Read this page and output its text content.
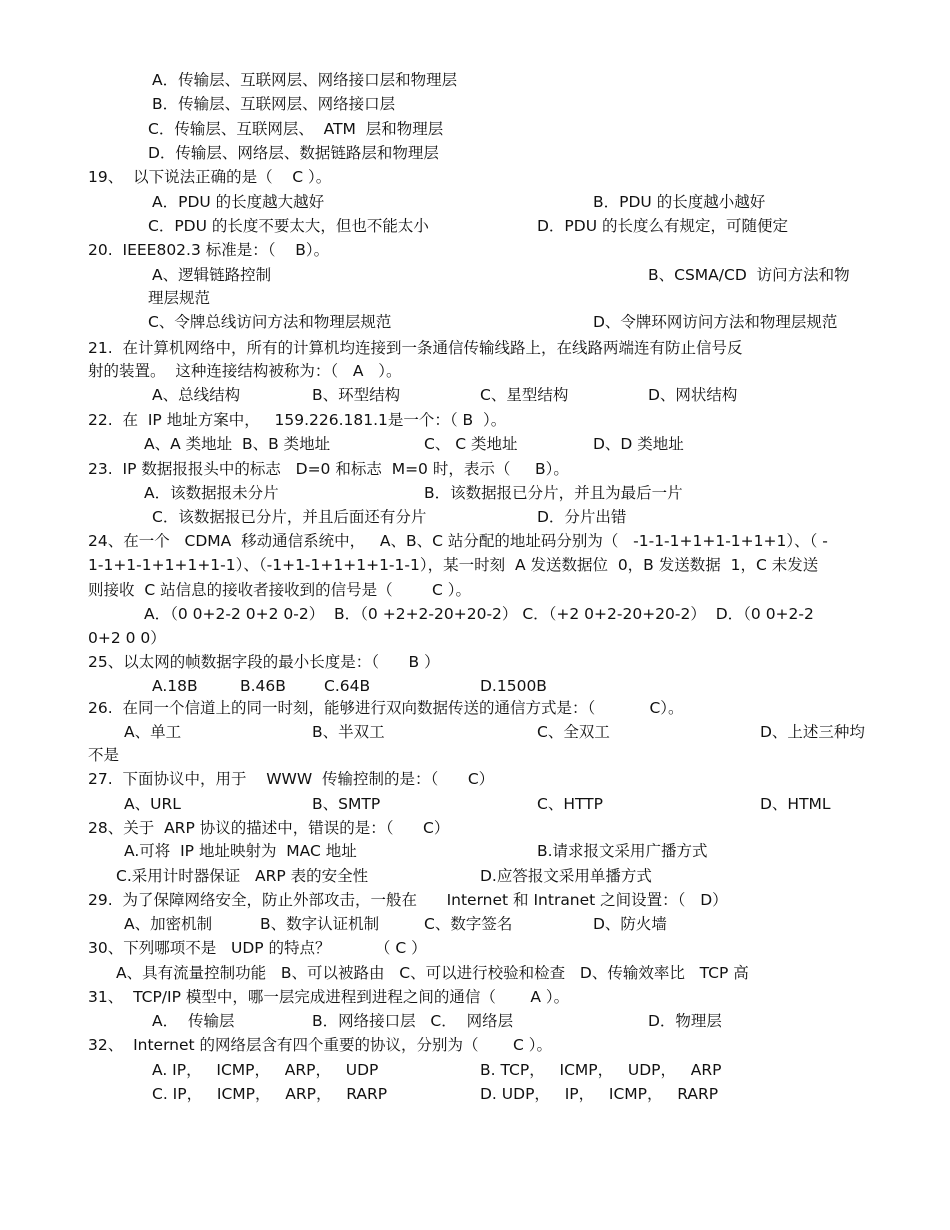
A．传输层、互联网层、网络接口层和物理层
B．传输层、互联网层、网络接口层
C．传输层、互联网层、  ATM  层和物理层
D．传输层、网络层、数据链路层和物理层
19、  以下说法正确的是（    C ）。
A．PDU 的长度越大越好	B．PDU 的长度越小越好
C．PDU 的长度不要太大，但也不能太小	D．PDU 的长度么有规定，可随便定
20.  IEEE802.3 标准是：（    B）。
A、逻辑链路控制	B、CSMA/CD  访问方法和物
理层规范
C、令牌总线访问方法和物理层规范	D、令牌环网访问方法和物理层规范
21.  在计算机网络中，所有的计算机均连接到一条通信传输线路上，在线路两端连有防止信号反
射的装置。  这种连接结构被称为：（   A   ）。
A、总线结构	B、环型结构	C、星型结构	D、网状结构
22.  在  IP 地址方案中，   159.226.181.1是一个：（ B  ）。
A、A 类地址  B、B 类地址	C、 C 类地址	D、D 类地址
23.  IP 数据报报头中的标志   D=0 和标志  M=0 时，表示（     B）。
A．该数据报未分片	B．该数据报已分片，并且为最后一片
C．该数据报已分片，并且后面还有分片	D．分片出错
24、在一个   CDMA  移动通信系统中，   A、B、C 站分配的地址码分别为（   -1-1-1+1+1-1+1+1）、（ -
1-1+1-1+1+1+1-1）、（-1+1-1+1+1+1-1-1），某一时刻  A 发送数据位  0，B 发送数据  1，C 未发送
则接收  C 站信息的接收者接收到的信号是（        C ）。
A．（0 0+2-2 0+2 0-2）  B．（0 +2+2-20+20-2） C．（+2 0+2-20+20-2）  D．（0 0+2-2
0+2 0 0）
25、以太网的帧数据字段的最小长度是：（      B ）
A.18B	B.46B C.64B	D.1500B
26.  在同一个信道上的同一时刻，能够进行双向数据传送的通信方式是：（           C）。
A、单工	B、半双工	C、全双工	D、上述三种均
不是
27.  下面协议中，用于    WWW  传输控制的是：（      C）
A、URL	B、SMTP	C、HTTP	D、HTML
28、关于  ARP 协议的描述中，错误的是：（      C）
A.可将  IP 地址映射为  MAC 地址	B.请求报文采用广播方式
C.采用计时器保证   ARP 表的安全性	D.应答报文采用单播方式
29.  为了保障网络安全，防止外部攻击，一般在      Internet 和 Intranet 之间设置：（   D）
A、加密机制	B、数字认证机制	C、数字签名	D、防火墙
30、下列哪项不是   UDP 的特点？         （ C ）
A、具有流量控制功能   B、可以被路由   C、可以进行校验和检查   D、传输效率比   TCP 高
31、  TCP/IP 模型中，哪一层完成进程到进程之间的通信（       A ）。
A．  传输层	B．网络接口层   C．  网络层	D．物理层
32、  Internet 的网络层含有四个重要的协议，分别为（       C ）。
A. IP，   ICMP，   ARP，   UDP	B. TCP，   ICMP，   UDP，   ARP
C. IP，   ICMP，   ARP，   RARP	D. UDP，   IP，   ICMP，   RARP
